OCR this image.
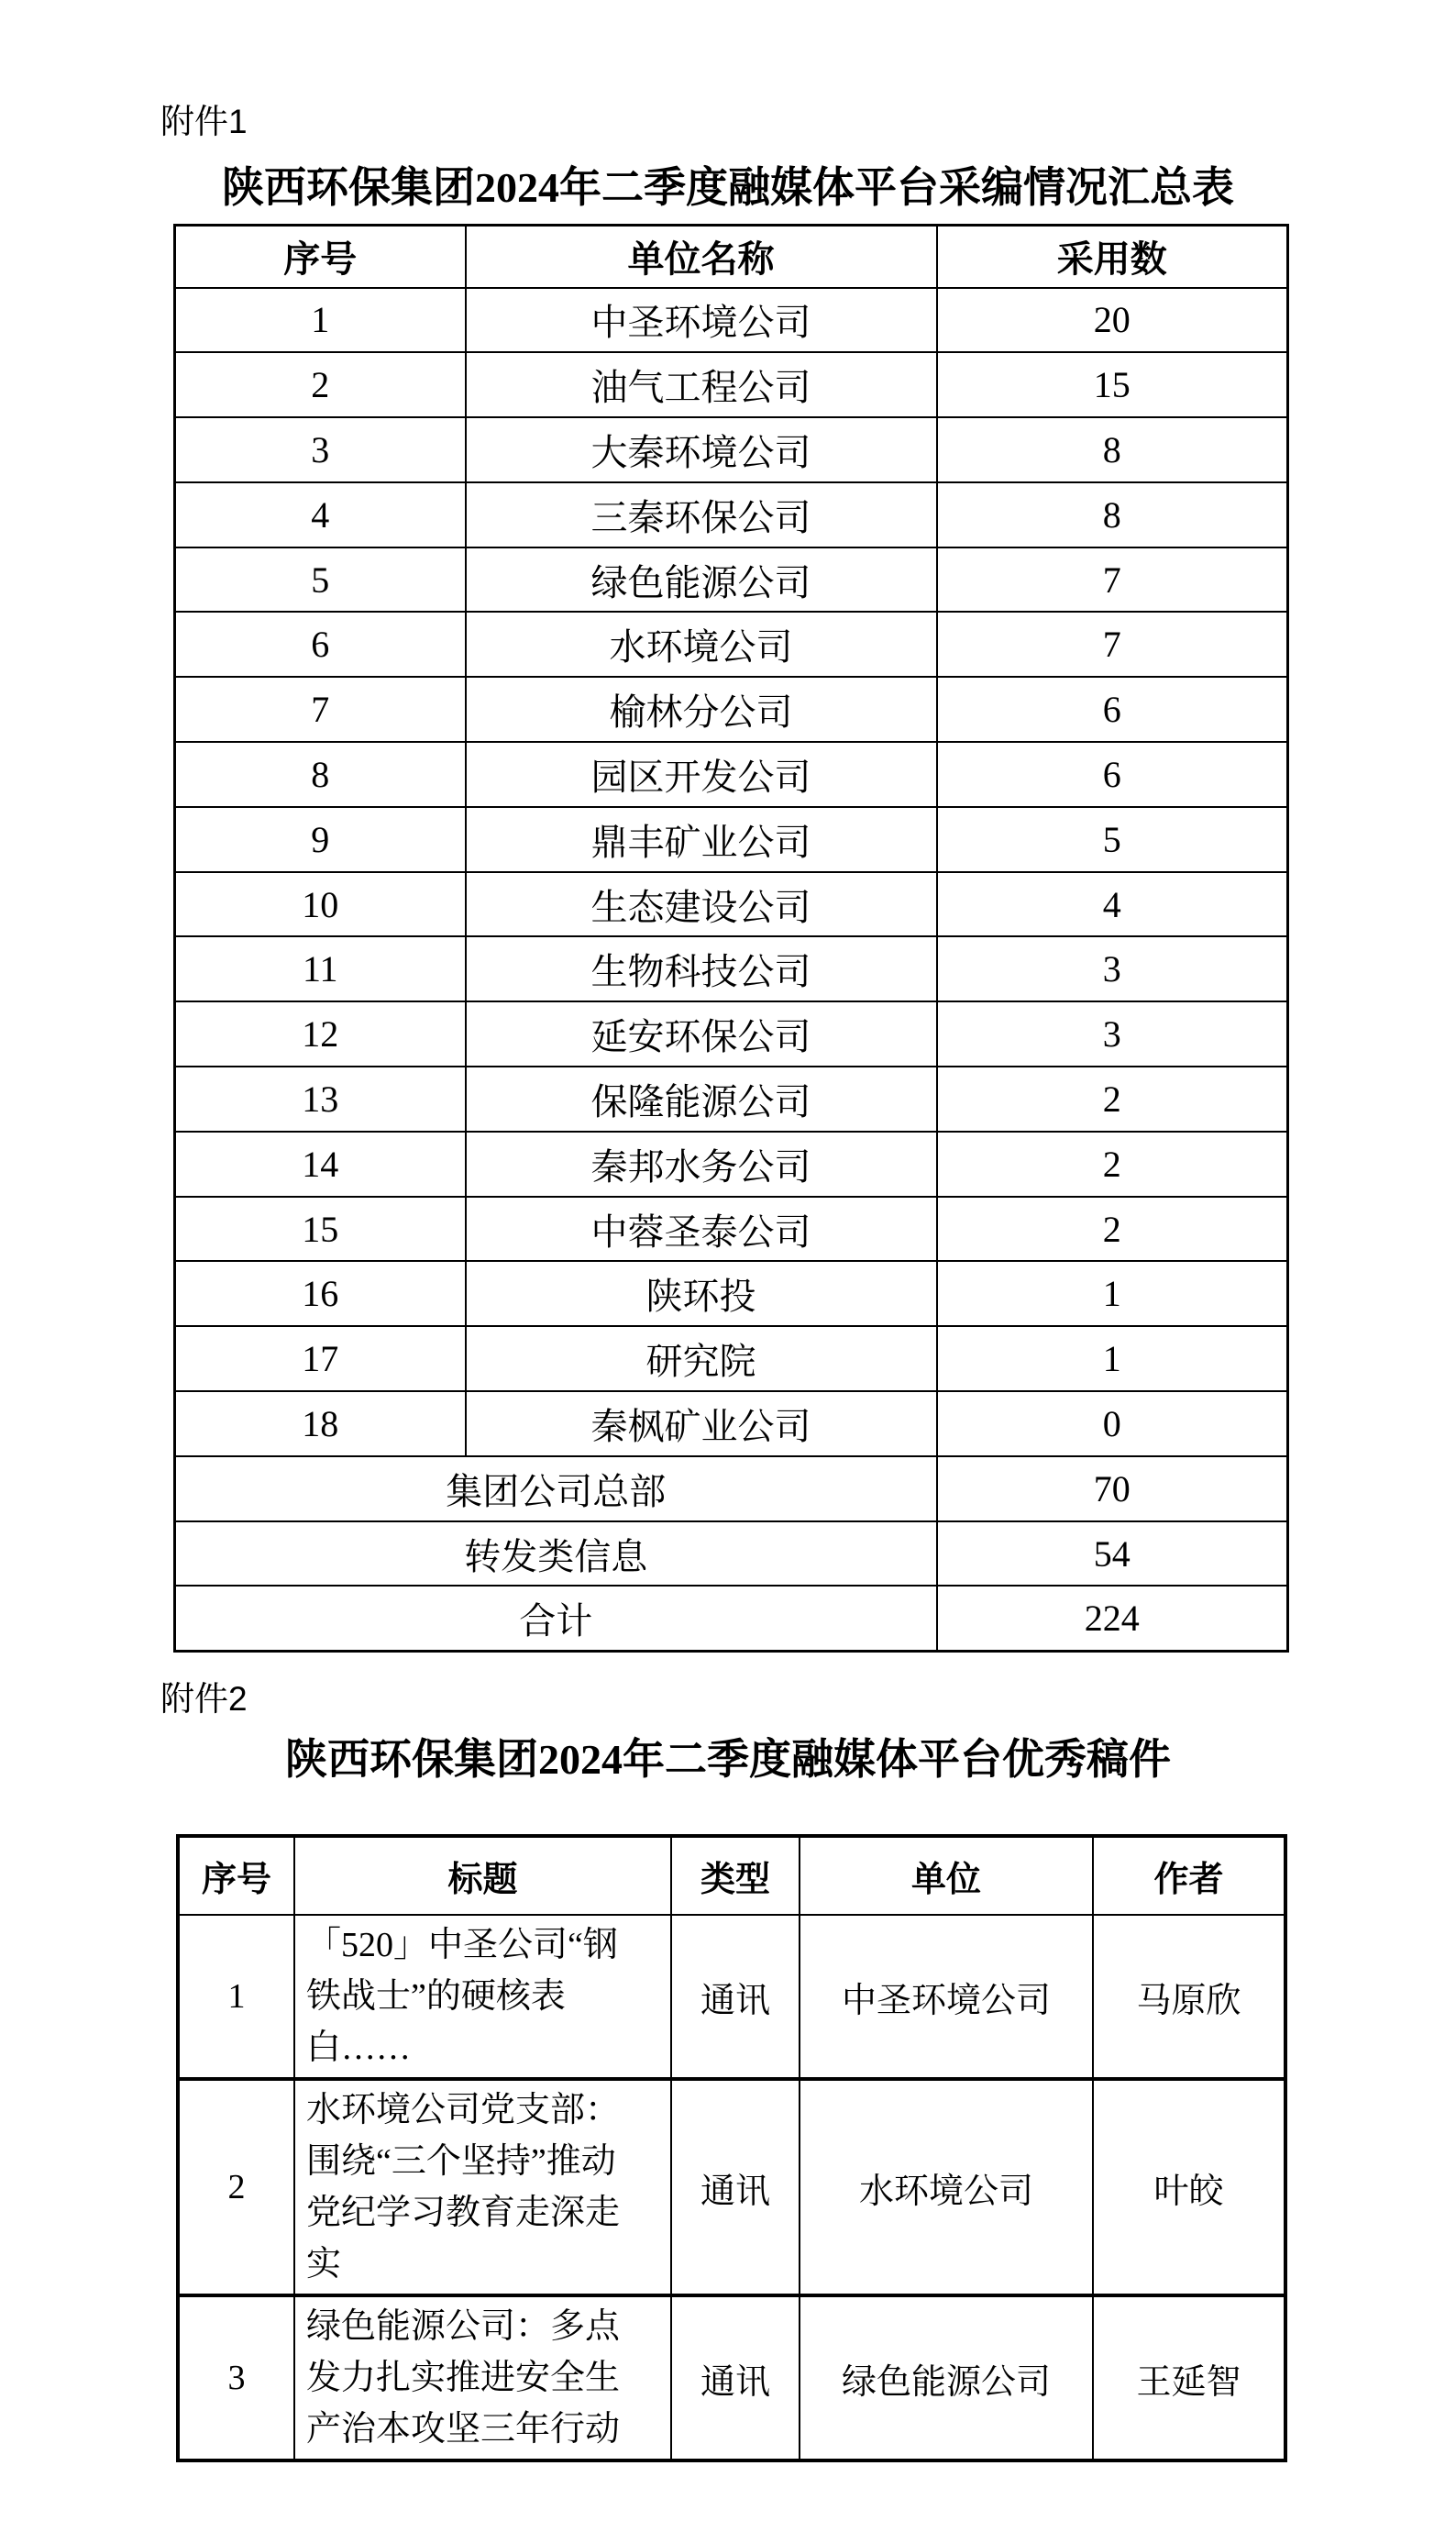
附件1
陕西环保集团2024年二季度融媒体平台采编情况汇总表
序号	单位名称	采用数
1	中圣环境公司	20
2	油气工程公司	15
3	大秦环境公司	8
4	三秦环保公司	8
5	绿色能源公司	7
6	水环境公司	7
7	榆林分公司	6
8	园区开发公司	6
9	鼎丰矿业公司	5
10	生态建设公司	4
11	生物科技公司	3
12	延安环保公司	3
13	保隆能源公司	2
14	秦邦水务公司	2
15	中蓉圣泰公司	2
16	陕环投	1
17	研究院	1
18	秦枫矿业公司	0
集团公司总部		70
转发类信息		54
合计		224
附件2
陕西环保集团2024年二季度融媒体平台优秀稿件
序号	标题	类型	单位	作者
1	「520」中圣公司“钢铁战士”的硬核表白……	通讯	中圣环境公司	马原欣
2	水环境公司党支部：围绕“三个坚持”推动党纪学习教育走深走实	通讯	水环境公司	叶皎
3	绿色能源公司：多点发力扎实推进安全生产治本攻坚三年行动	通讯	绿色能源公司	王延智
